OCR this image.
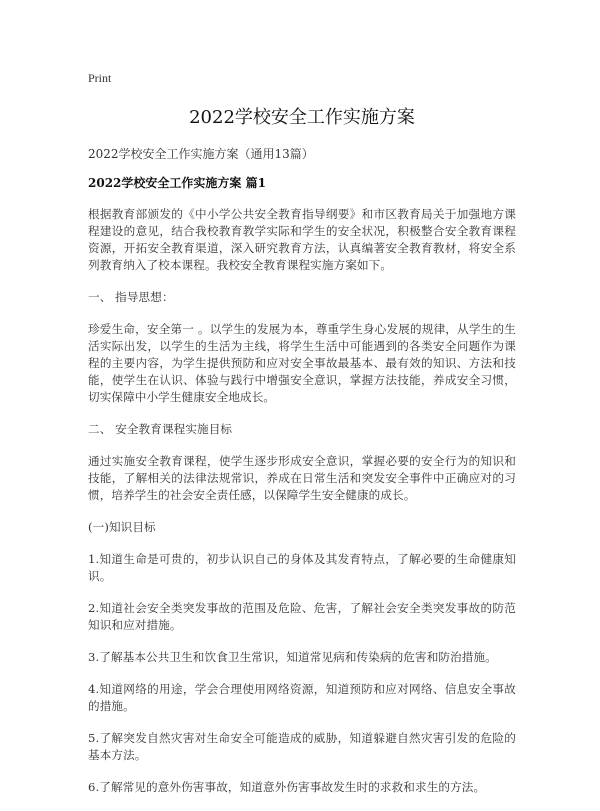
Print
2022学校安全工作实施方案

2022学校安全工作实施方案（通用13篇）

2022学校安全工作实施方案 篇1

根据教育部颁发的《中小学公共安全教育指导纲要》和市区教育局关于加强地方课程建设的意见，结合我校教育教学实际和学生的安全状况，积极整合安全教育课程资源，开拓安全教育渠道，深入研究教育方法，认真编著安全教育教材，将安全系列教育纳入了校本课程。我校安全教育课程实施方案如下。

一、 指导思想：

珍爱生命，安全第一 。以学生的发展为本，尊重学生身心发展的规律，从学生的生活实际出发，以学生的生活为主线，将学生生活中可能遇到的各类安全问题作为课程的主要内容，为学生提供预防和应对安全事故最基本、最有效的知识、方法和技能，使学生在认识、体验与践行中增强安全意识，掌握方法技能，养成安全习惯，切实保障中小学生健康安全地成长。

二、 安全教育课程实施目标

通过实施安全教育课程，使学生逐步形成安全意识，掌握必要的安全行为的知识和技能，了解相关的法律法规常识，养成在日常生活和突发安全事件中正确应对的习惯，培养学生的社会安全责任感，以保障学生安全健康的成长。

(一)知识目标

1.知道生命是可贵的，初步认识自己的身体及其发育特点，了解必要的生命健康知识。

2.知道社会安全类突发事故的范围及危险、危害，了解社会安全类突发事故的防范知识和应对措施。

3.了解基本公共卫生和饮食卫生常识，知道常见病和传染病的危害和防治措施。

4.知道网络的用途，学会合理使用网络资源，知道预防和应对网络、信息安全事故的措施。

5.了解突发自然灾害对生命安全可能造成的威胁，知道躲避自然灾害引发的危险的基本方法。

6.了解常见的意外伤害事故，知道意外伤害事故发生时的求救和求生的方法。
